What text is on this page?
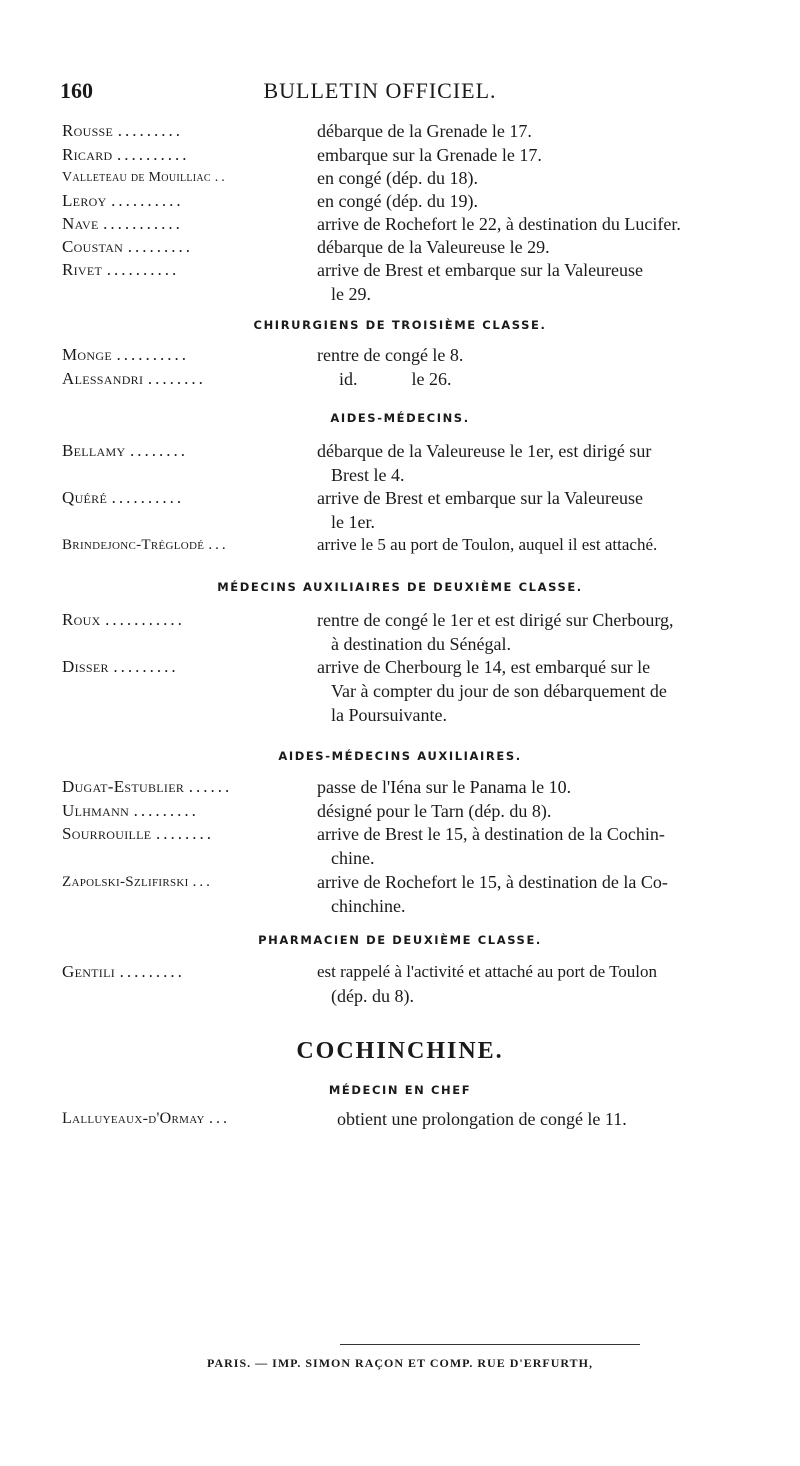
160	BULLETIN OFFICIEL.
Rousse .........	débarque de la Grenade le 17.
Ricard ..........	embarque sur la Grenade le 17.
Valleteau de Mouilliac ..	en congé (dép. du 18).
Leroy ..........	en congé (dép. du 19).
Nave ...........	arrive de Rochefort le 22, à destination du Lucifer.
Coustan .........	débarque de la Valeureuse le 29.
Rivet ..........	arrive de Brest et embarque sur la Valeureuse
le 29.
CHIRURGIENS DE TROISIÈME CLASSE.
Monge ..........	rentre de congé le 8.
Alessandri ........	id.            le 26.
AIDES-MÉDECINS.
Bellamy ........	débarque de la Valeureuse le 1er, est dirigé sur
Brest le 4.
Quéré ..........	arrive de Brest et embarque sur la Valeureuse
le 1er.
Brindejonc-Tréglodé ...	arrive le 5 au port de Toulon, auquel il est attaché.
MÉDECINS AUXILIAIRES DE DEUXIÈME CLASSE.
Roux ...........	rentre de congé le 1er et est dirigé sur Cherbourg,
à destination du Sénégal.
Disser .........	arrive de Cherbourg le 14, est embarqué sur le
Var à compter du jour de son débarquement de
la Poursuivante.
AIDES-MÉDECINS AUXILIAIRES.
Dugat-Estublier ......	passe de l'Iéna sur le Panama le 10.
Ulhmann .........	désigné pour le Tarn (dép. du 8).
Sourrouille ........	arrive de Brest le 15, à destination de la Cochin-
chine.
Zapolski-Szlifirski ...	arrive de Rochefort le 15, à destination de la Co-
chinchine.
PHARMACIEN DE DEUXIÈME CLASSE.
Gentili .........	est rappelé à l'activité et attaché au port de Toulon
(dép. du 8).
COCHINCHINE.
MÉDECIN EN CHEF
Lalluyeaux-d'Ormay ...	obtient une prolongation de congé le 11.
PARIS. — IMP. SIMON RAÇON ET COMP. RUE D'ERFURTH,
